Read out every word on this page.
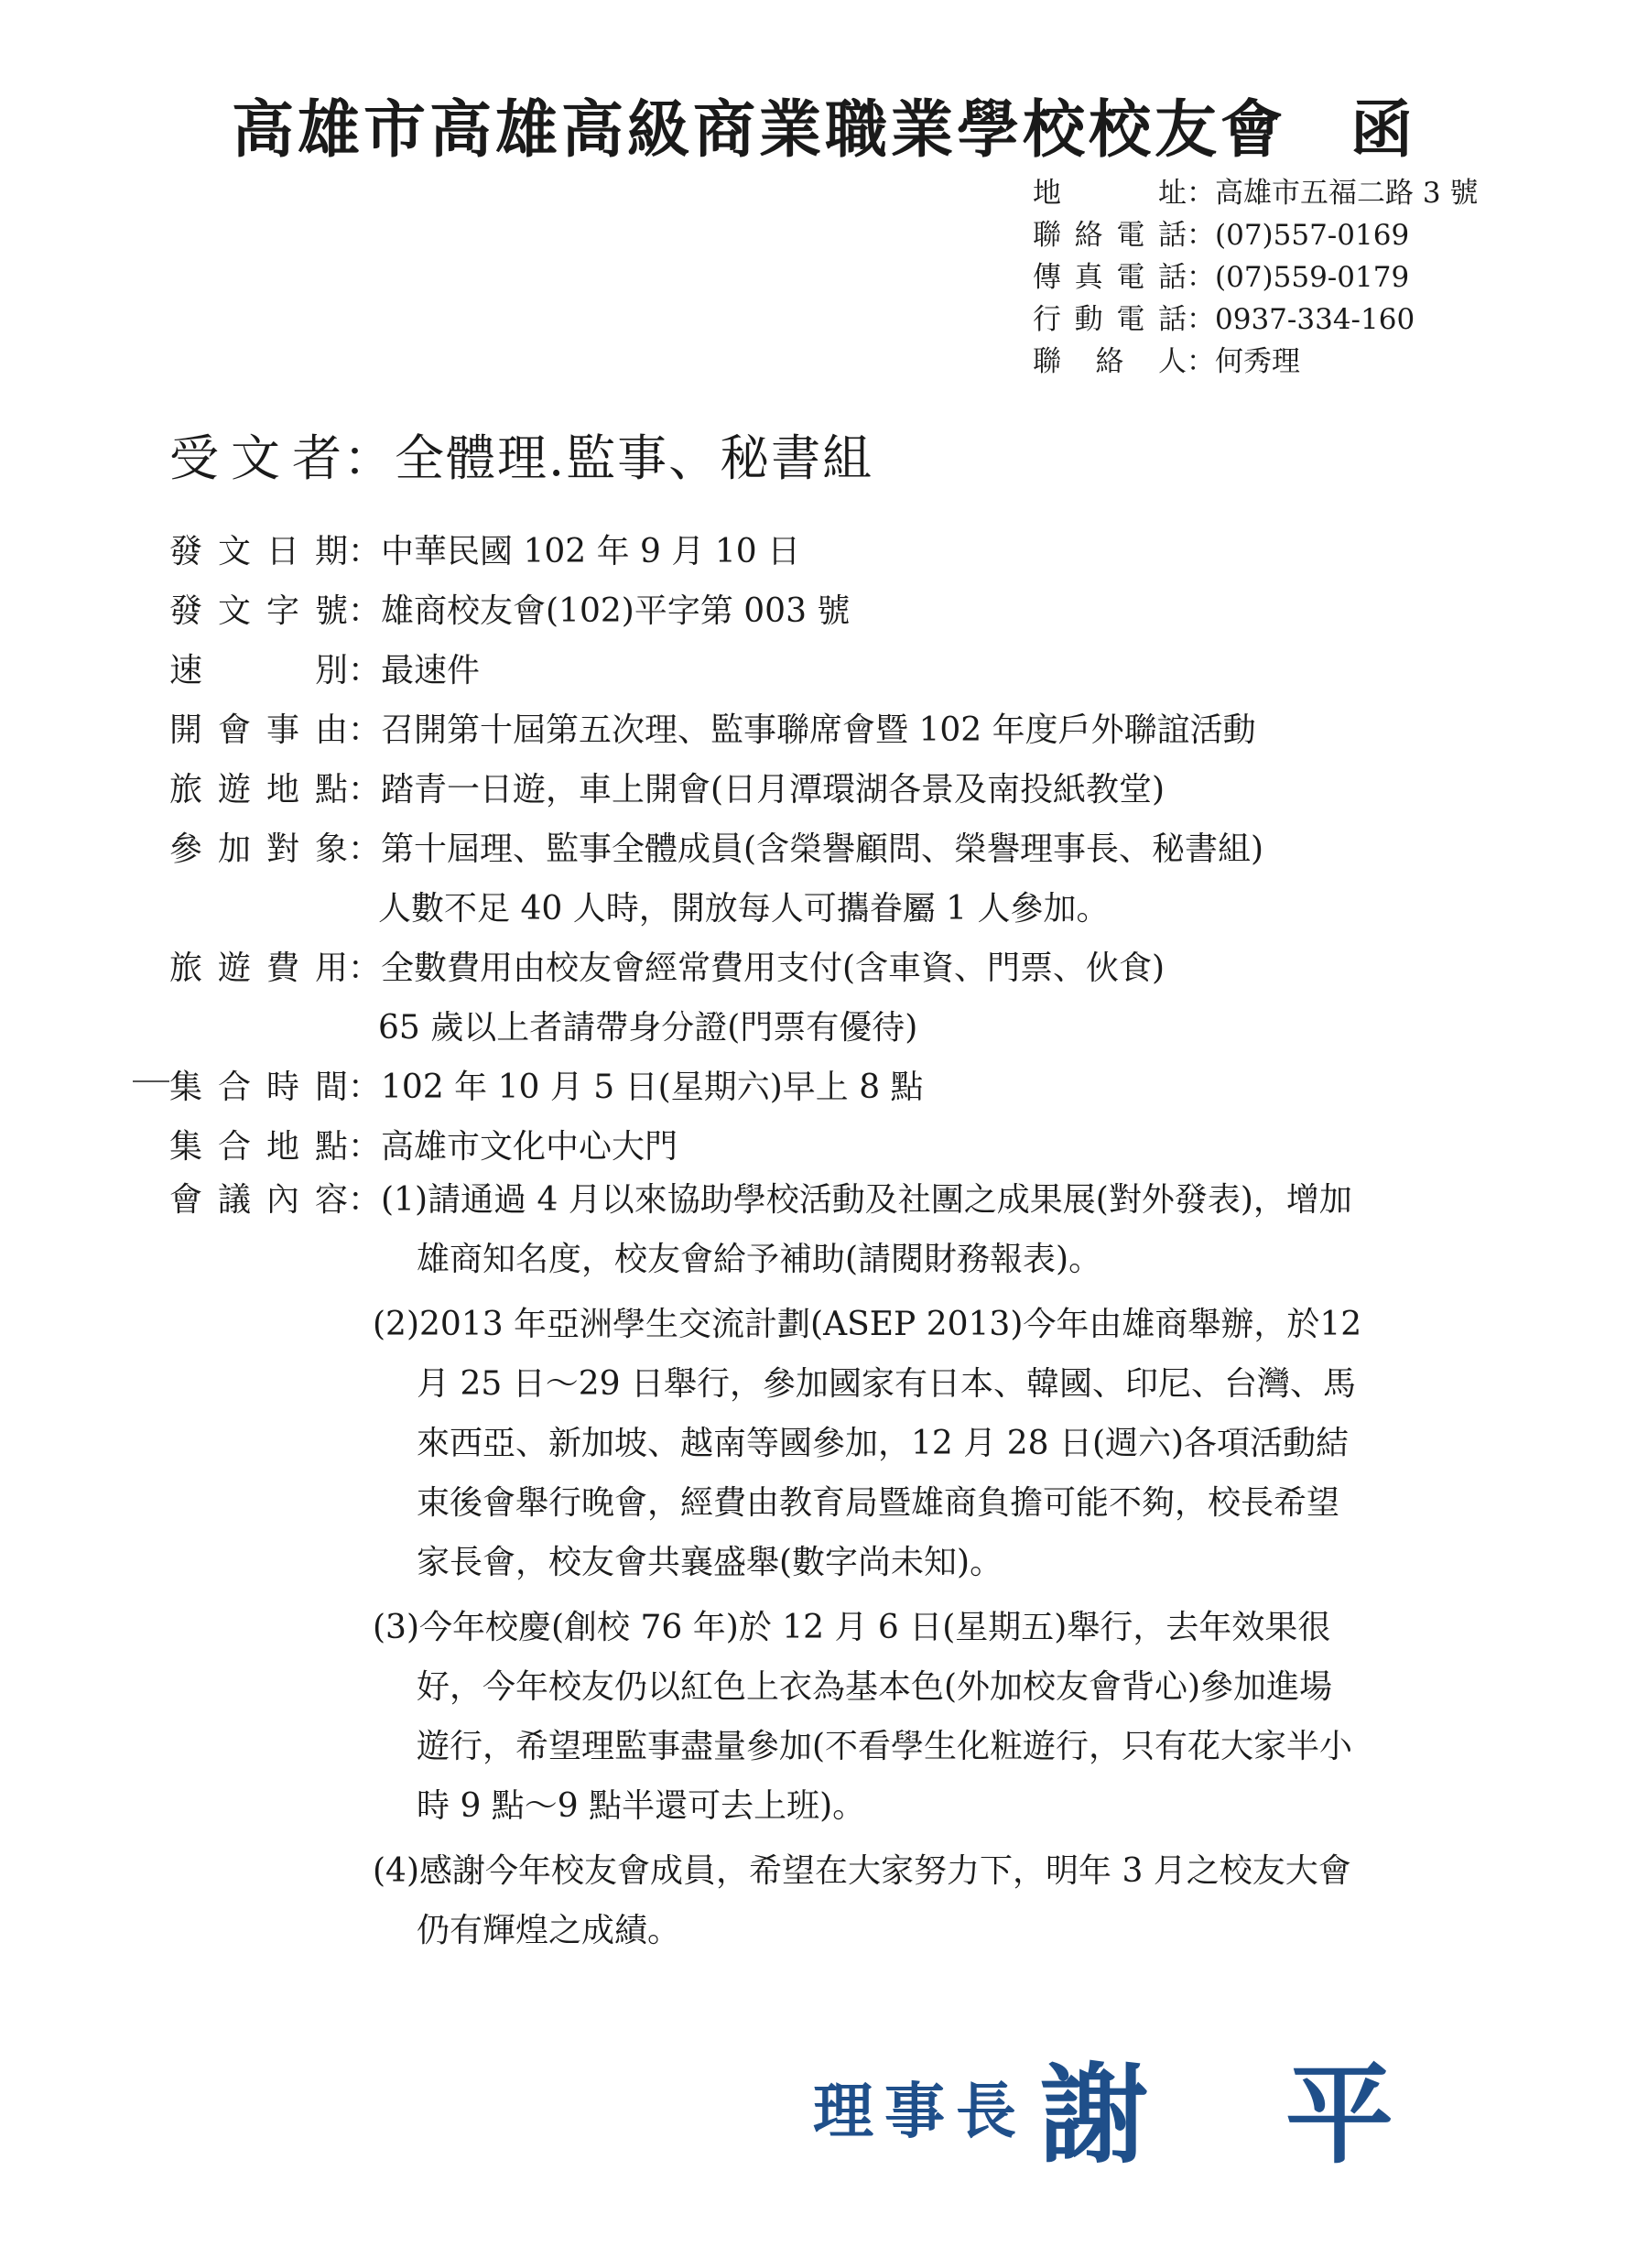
高雄市高雄高級商業職業學校校友會 函
地址：高雄市五福二路 3 號
聯絡電話：(07)557-0169
傳真電話：(07)559-0179
行動電話：0937-334-160
聯絡人：何秀理
受文者：全體理.監事、秘書組
發文日期：中華民國 102 年 9 月 10 日
發文字號：雄商校友會(102)平字第 003 號
速別：最速件
開會事由：召開第十屆第五次理、監事聯席會暨 102 年度戶外聯誼活動
旅遊地點：踏青一日遊，車上開會(日月潭環湖各景及南投紙教堂)
參加對象：第十屆理、監事全體成員(含榮譽顧問、榮譽理事長、秘書組)
人數不足 40 人時，開放每人可攜眷屬 1 人參加。
旅遊費用：全數費用由校友會經常費用支付(含車資、門票、伙食)
65 歲以上者請帶身分證(門票有優待)
集合時間：102 年 10 月 5 日(星期六)早上 8 點
集合地點：高雄市文化中心大門
會議內容：(1)請通過 4 月以來協助學校活動及社團之成果展(對外發表)，增加
雄商知名度，校友會給予補助(請閱財務報表)。
(2)2013 年亞洲學生交流計劃(ASEP 2013)今年由雄商舉辦，於12
月 25 日～29 日舉行，參加國家有日本、韓國、印尼、台灣、馬
來西亞、新加坡、越南等國參加，12 月 28 日(週六)各項活動結
束後會舉行晚會，經費由教育局暨雄商負擔可能不夠，校長希望
家長會，校友會共襄盛舉(數字尚未知)。
(3)今年校慶(創校 76 年)於 12 月 6 日(星期五)舉行，去年效果很
好，今年校友仍以紅色上衣為基本色(外加校友會背心)參加進場
遊行，希望理監事盡量參加(不看學生化粧遊行，只有花大家半小
時 9 點～9 點半還可去上班)。
(4)感謝今年校友會成員，希望在大家努力下，明年 3 月之校友大會
仍有輝煌之成績。
理事長 謝 平
